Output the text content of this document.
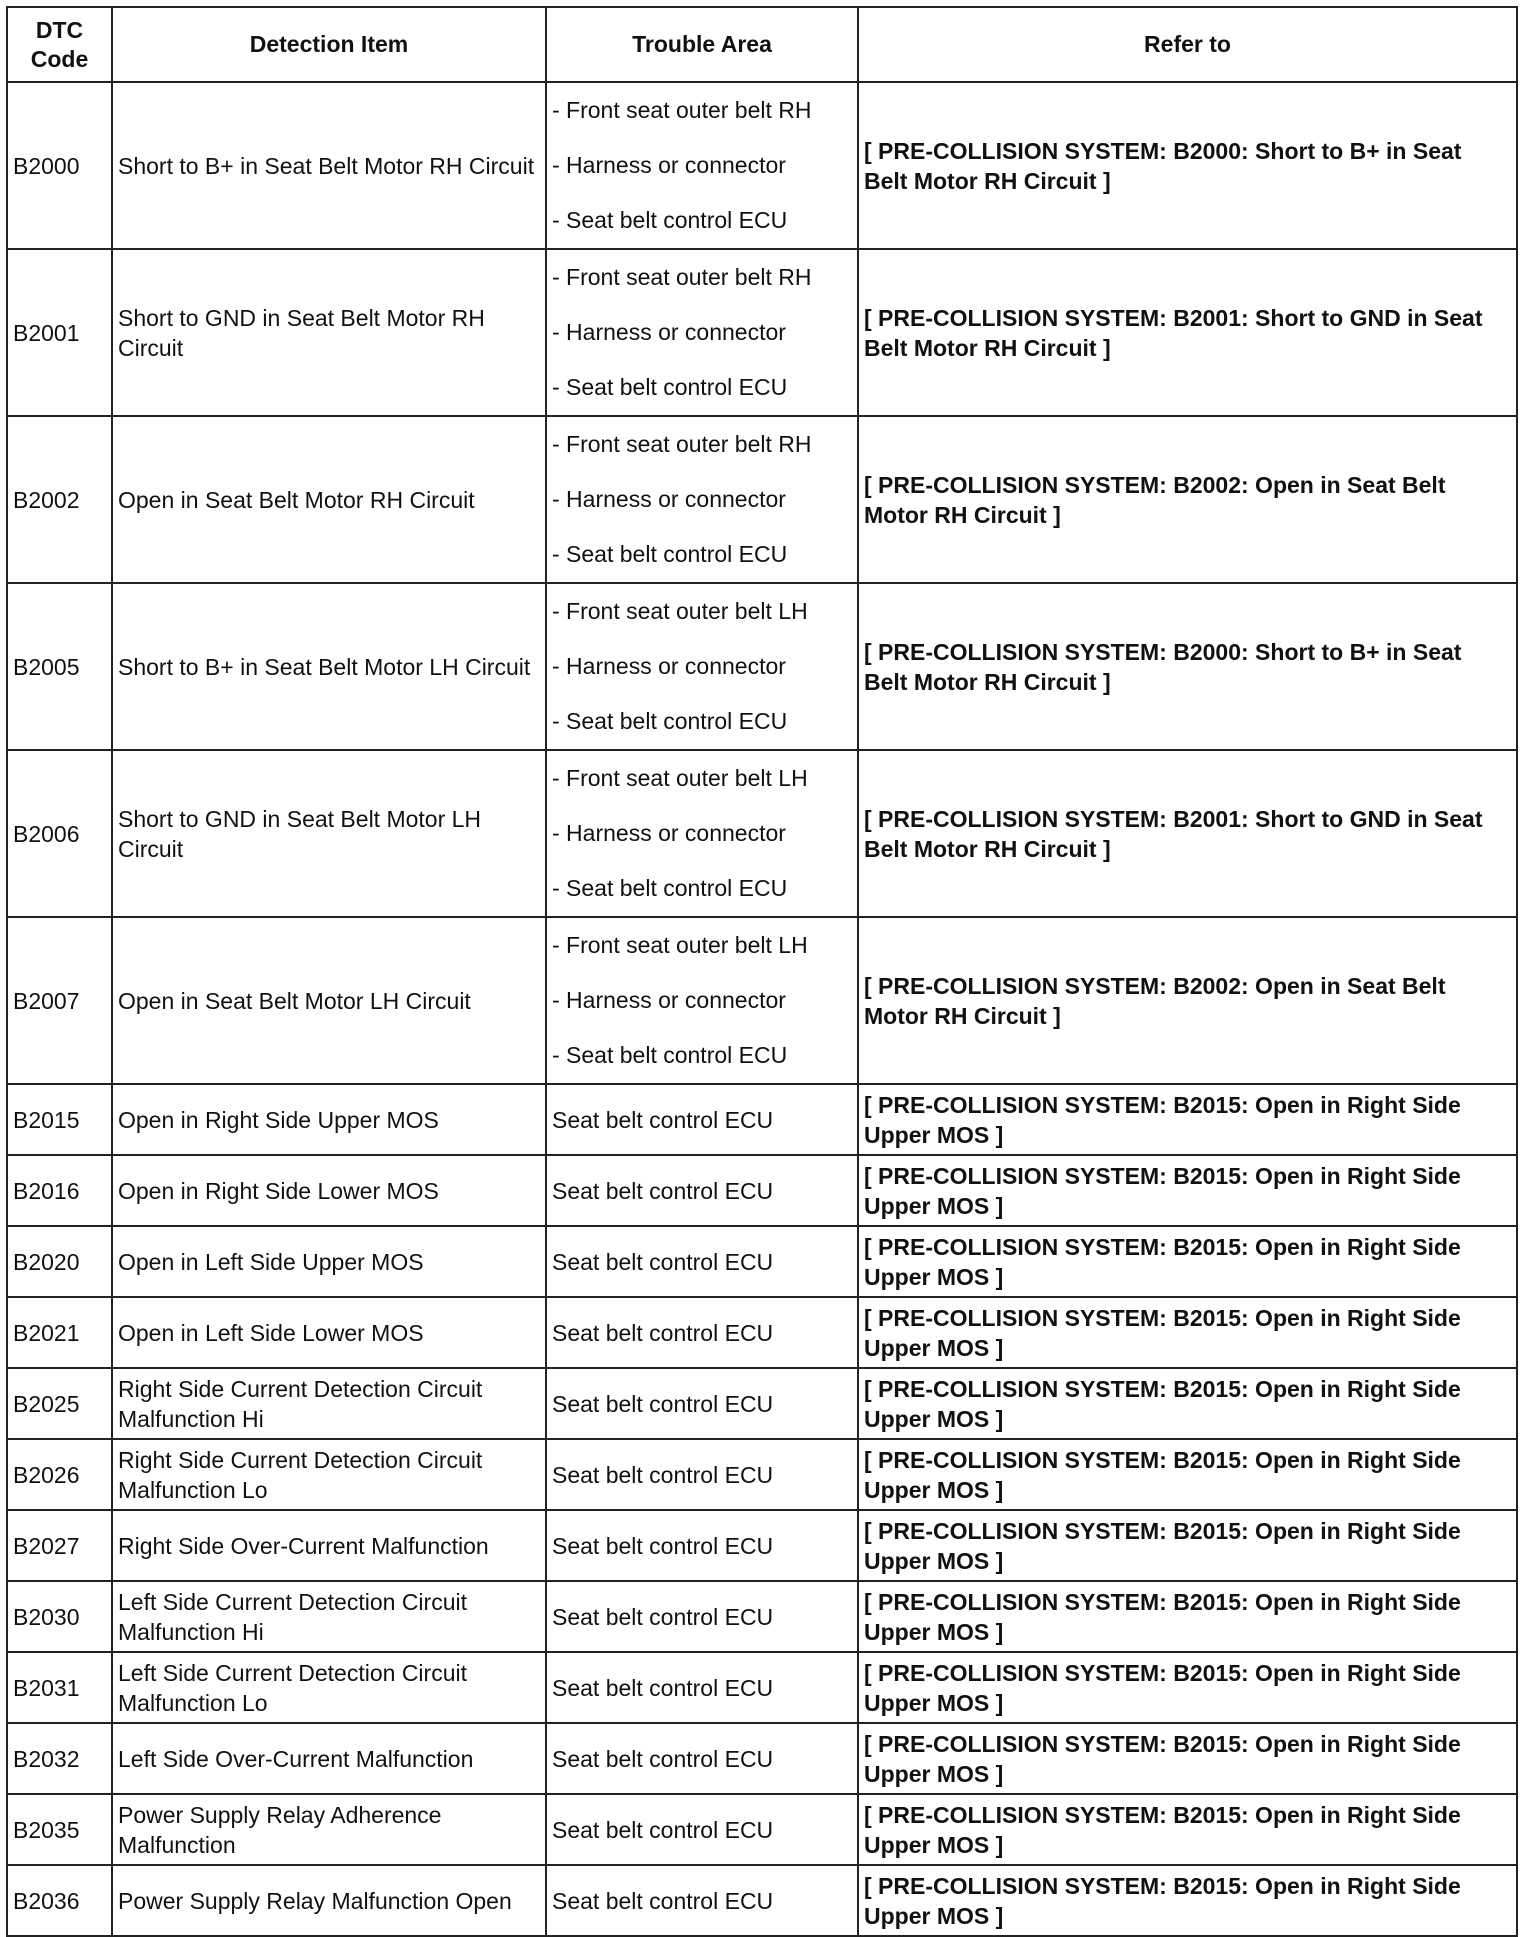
DTC Code	Detection Item	Trouble Area	Refer to
B2000	Short to B+ in Seat Belt Motor RH Circuit	- Front seat outer belt RH
- Harness or connector
- Seat belt control ECU	[ PRE-COLLISION SYSTEM: B2000: Short to B+ in Seat Belt Motor RH Circuit ]
B2001	Short to GND in Seat Belt Motor RH Circuit	- Front seat outer belt RH
- Harness or connector
- Seat belt control ECU	[ PRE-COLLISION SYSTEM: B2001: Short to GND in Seat Belt Motor RH Circuit ]
B2002	Open in Seat Belt Motor RH Circuit	- Front seat outer belt RH
- Harness or connector
- Seat belt control ECU	[ PRE-COLLISION SYSTEM: B2002: Open in Seat Belt Motor RH Circuit ]
B2005	Short to B+ in Seat Belt Motor LH Circuit	- Front seat outer belt LH
- Harness or connector
- Seat belt control ECU	[ PRE-COLLISION SYSTEM: B2000: Short to B+ in Seat Belt Motor RH Circuit ]
B2006	Short to GND in Seat Belt Motor LH Circuit	- Front seat outer belt LH
- Harness or connector
- Seat belt control ECU	[ PRE-COLLISION SYSTEM: B2001: Short to GND in Seat Belt Motor RH Circuit ]
B2007	Open in Seat Belt Motor LH Circuit	- Front seat outer belt LH
- Harness or connector
- Seat belt control ECU	[ PRE-COLLISION SYSTEM: B2002: Open in Seat Belt Motor RH Circuit ]
B2015	Open in Right Side Upper MOS	Seat belt control ECU	[ PRE-COLLISION SYSTEM: B2015: Open in Right Side Upper MOS ]
B2016	Open in Right Side Lower MOS	Seat belt control ECU	[ PRE-COLLISION SYSTEM: B2015: Open in Right Side Upper MOS ]
B2020	Open in Left Side Upper MOS	Seat belt control ECU	[ PRE-COLLISION SYSTEM: B2015: Open in Right Side Upper MOS ]
B2021	Open in Left Side Lower MOS	Seat belt control ECU	[ PRE-COLLISION SYSTEM: B2015: Open in Right Side Upper MOS ]
B2025	Right Side Current Detection Circuit Malfunction Hi	Seat belt control ECU	[ PRE-COLLISION SYSTEM: B2015: Open in Right Side Upper MOS ]
B2026	Right Side Current Detection Circuit Malfunction Lo	Seat belt control ECU	[ PRE-COLLISION SYSTEM: B2015: Open in Right Side Upper MOS ]
B2027	Right Side Over-Current Malfunction	Seat belt control ECU	[ PRE-COLLISION SYSTEM: B2015: Open in Right Side Upper MOS ]
B2030	Left Side Current Detection Circuit Malfunction Hi	Seat belt control ECU	[ PRE-COLLISION SYSTEM: B2015: Open in Right Side Upper MOS ]
B2031	Left Side Current Detection Circuit Malfunction Lo	Seat belt control ECU	[ PRE-COLLISION SYSTEM: B2015: Open in Right Side Upper MOS ]
B2032	Left Side Over-Current Malfunction	Seat belt control ECU	[ PRE-COLLISION SYSTEM: B2015: Open in Right Side Upper MOS ]
B2035	Power Supply Relay Adherence Malfunction	Seat belt control ECU	[ PRE-COLLISION SYSTEM: B2015: Open in Right Side Upper MOS ]
B2036	Power Supply Relay Malfunction Open	Seat belt control ECU	[ PRE-COLLISION SYSTEM: B2015: Open in Right Side Upper MOS ]
